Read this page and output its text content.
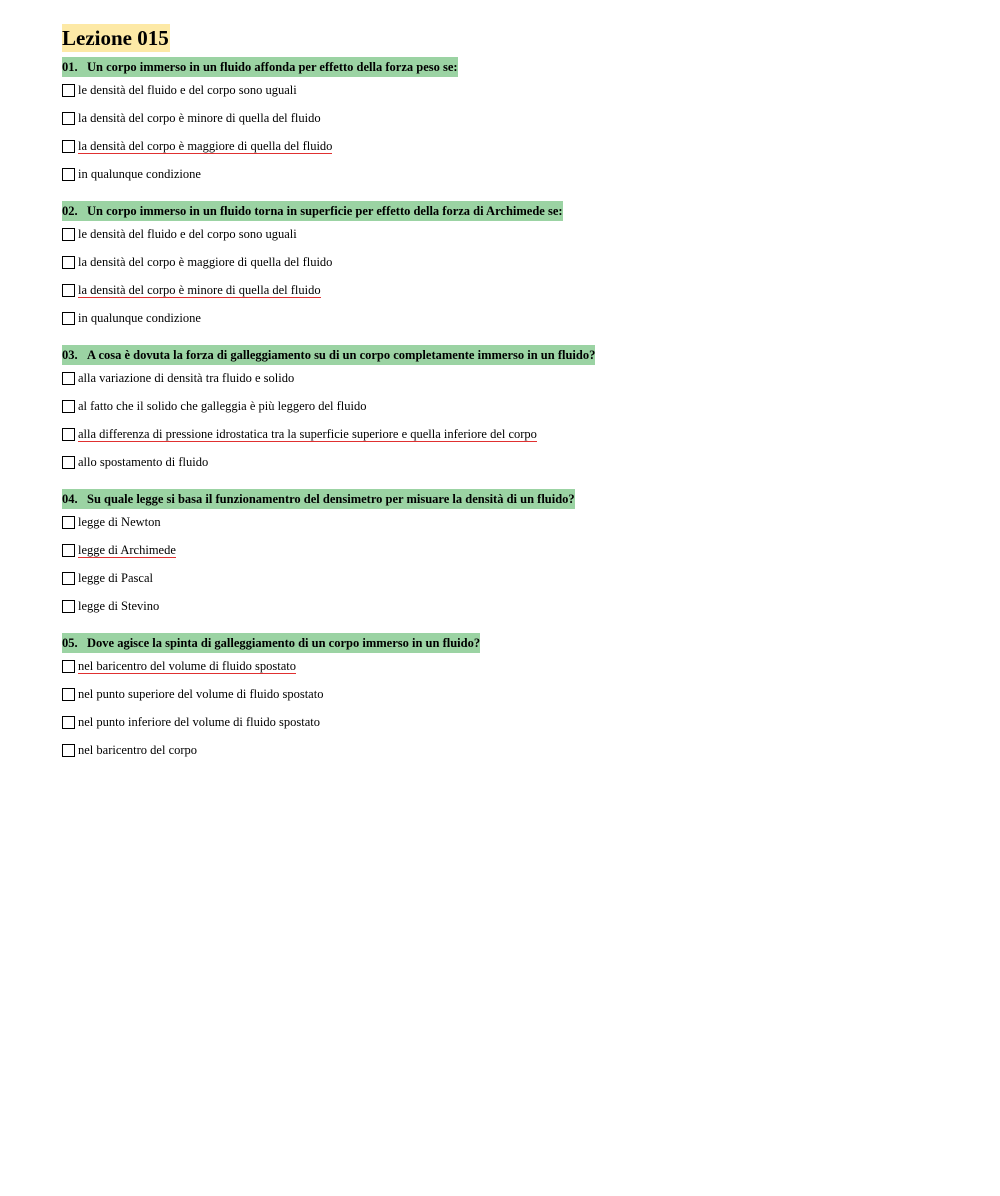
Lezione 015
01. Un corpo immerso in un fluido affonda per effetto della forza peso se:
le densità del fluido e del corpo sono uguali
la densità del corpo è minore di quella del fluido
la densità del corpo è maggiore di quella del fluido
in qualunque condizione
02. Un corpo immerso in un fluido torna in superficie per effetto della forza di Archimede se:
le densità del fluido e del corpo sono uguali
la densità del corpo è maggiore di quella del fluido
la densità del corpo è minore di quella del fluido
in qualunque condizione
03. A cosa è dovuta la forza di galleggiamento su di un corpo completamente immerso in un fluido?
alla variazione di densità tra fluido e solido
al fatto che il solido che galleggia è più leggero del fluido
alla differenza di pressione idrostatica tra la superficie superiore e quella inferiore del corpo
allo spostamento di fluido
04. Su quale legge si basa il funzionamentro del densimetro per misuare la densità di un fluido?
legge di Newton
legge di Archimede
legge di Pascal
legge di Stevino
05. Dove agisce la spinta di galleggiamento di un corpo immerso in un fluido?
nel baricentro del volume di fluido spostato
nel punto superiore del volume di fluido spostato
nel punto inferiore del volume di fluido spostato
nel baricentro del corpo
